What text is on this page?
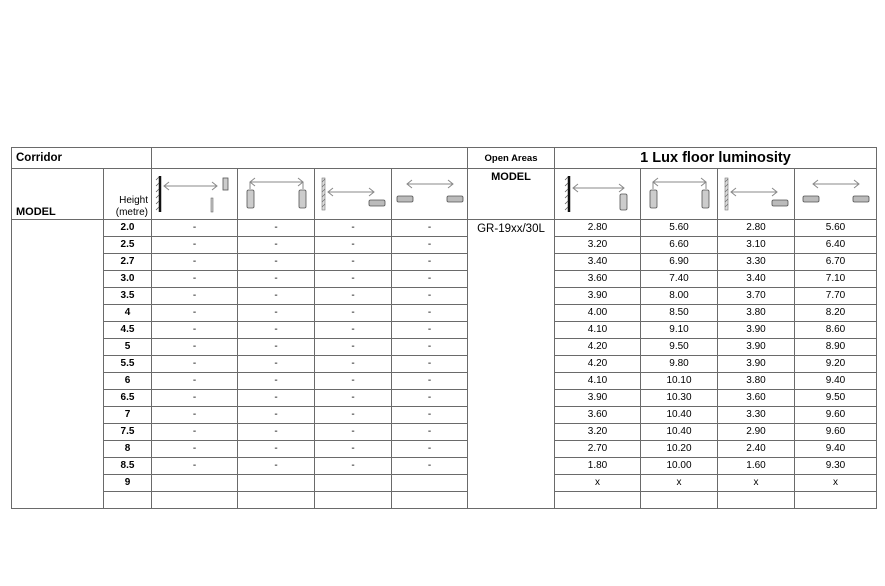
Corridor						Open Areas	1 Lux floor luminosity			
MODEL	Height (metre)					MODEL	

	2.0	-	-	-	-	GR-19xx/30L	2.80	5.60	2.80	5.60
	2.5	-	-	-	-		3.20	6.60	3.10	6.40
	2.7	-	-	-	-		3.40	6.90	3.30	6.70
	3.0	-	-	-	-		3.60	7.40	3.40	7.10
	3.5	-	-	-	-		3.90	8.00	3.70	7.70
	4	-	-	-	-		4.00	8.50	3.80	8.20
	4.5	-	-	-	-		4.10	9.10	3.90	8.60
	5	-	-	-	-		4.20	9.50	3.90	8.90
	5.5	-	-	-	-		4.20	9.80	3.90	9.20
	6	-	-	-	-		4.10	10.10	3.80	9.40
	6.5	-	-	-	-		3.90	10.30	3.60	9.50
	7	-	-	-	-		3.60	10.40	3.30	9.60
	7.5	-	-	-	-		3.20	10.40	2.90	9.60
	8	-	-	-	-		2.70	10.20	2.40	9.40
	8.5	-	-	-	-		1.80	10.00	1.60	9.30
	9						x	x	x	x
